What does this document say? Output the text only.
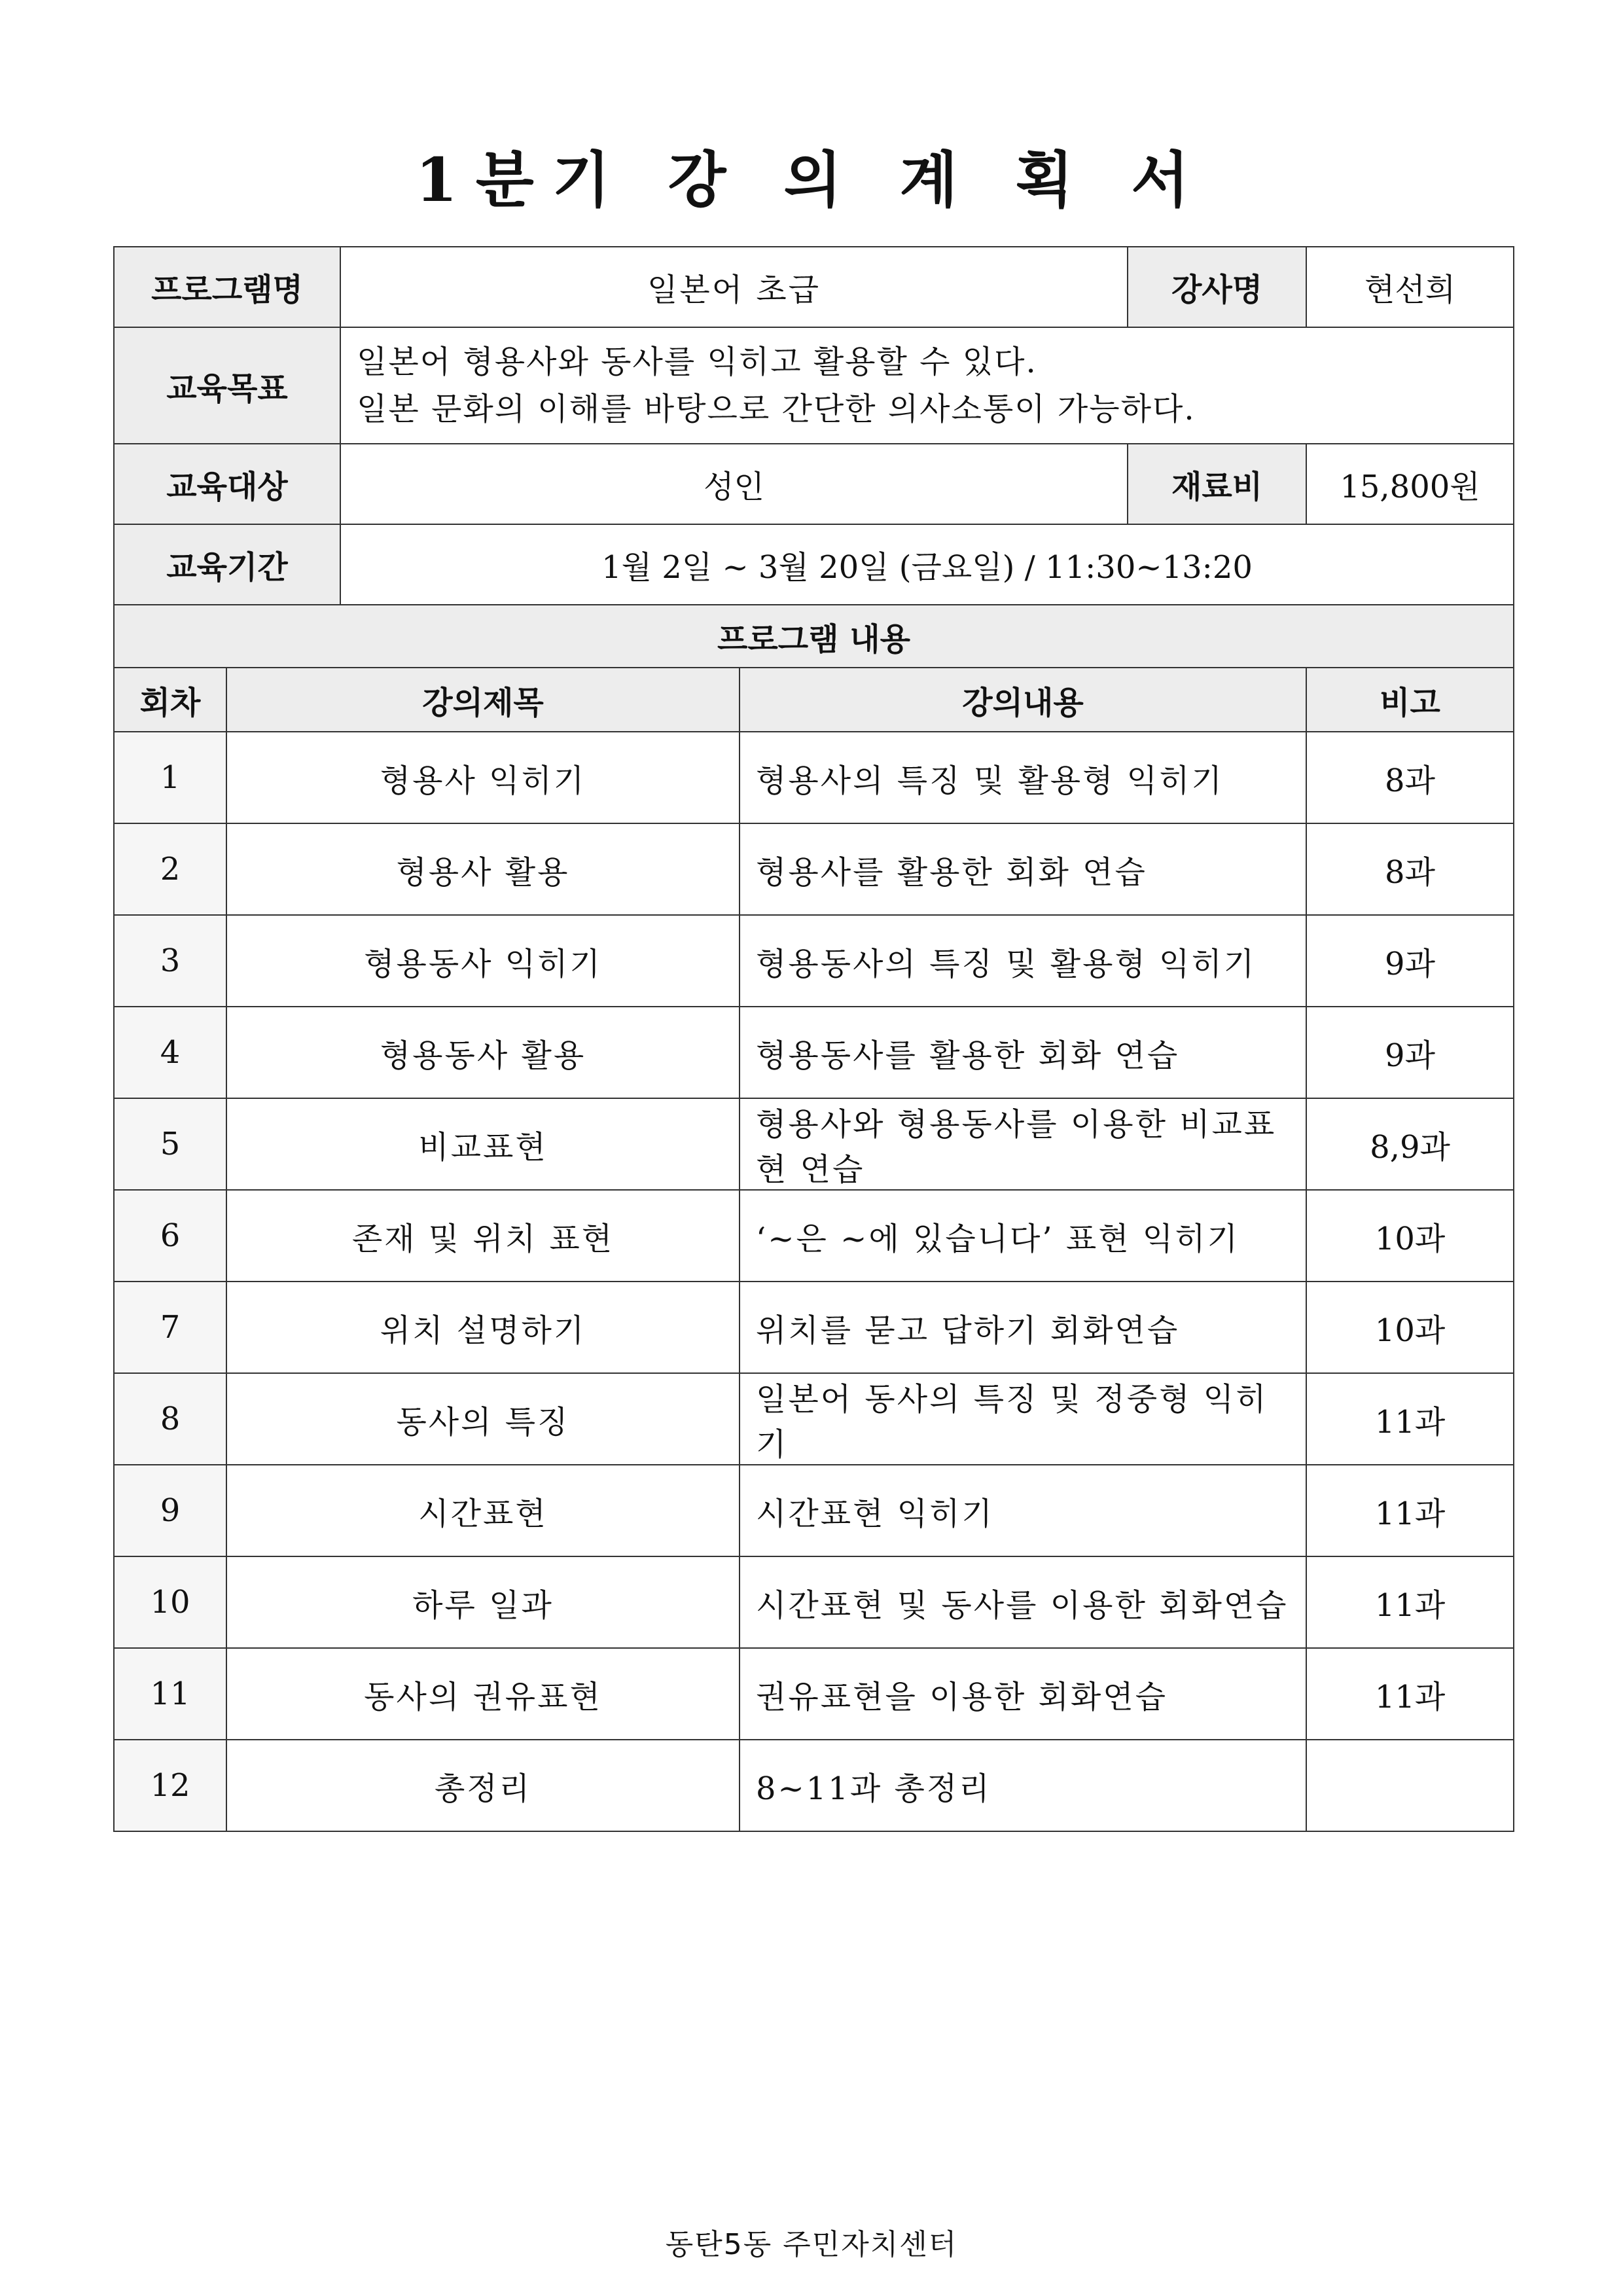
1분기 강 의 계 획 서
프로그램명		일본어 초급		강사명	현선희
교육목표		일본어 형용사와 동사를 익히고 활용할 수 있다.
일본 문화의 이해를 바탕으로 간단한 의사소통이 가능하다.			

교육대상		성인		재료비	15,800원
교육기간		1월 2일 ~ 3월 20일 (금요일) / 11:30~13:20			
프로그램 내용					
회차	강의제목		강의내용		비고
1	형용사 익히기		형용사의 특징 및 활용형 익히기		8과
2	형용사 활용		형용사를 활용한 회화 연습		8과
3	형용동사 익히기		형용동사의 특징 및 활용형 익히기		9과
4	형용동사 활용		형용동사를 활용한 회화 연습		9과
5	비교표현		형용사와 형용동사를 이용한 비교표현 연습		8,9과
6	존재 및 위치 표현		‘~은 ~에 있습니다’ 표현 익히기		10과
7	위치 설명하기		위치를 묻고 답하기 회화연습		10과
8	동사의 특징		일본어 동사의 특징 및 정중형 익히기		11과
9	시간표현		시간표현 익히기		11과
10	하루 일과		시간표현 및 동사를 이용한 회화연습		11과
11	동사의 권유표현		권유표현을 이용한 회화연습		11과
12	총정리		8~11과 총정리		
동탄5동 주민자치센터
